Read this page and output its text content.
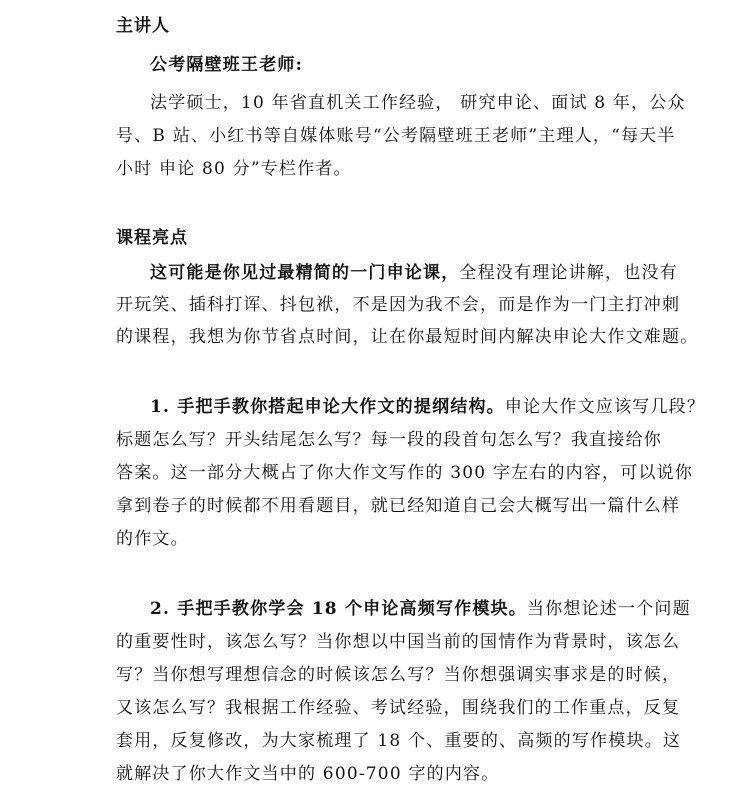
主讲人
公考隔壁班王老师:
法学硕士，10 年省直机关工作经验， 研究申论、面试 8 年，公众
号、B 站、小红书等自媒体账号“公考隔壁班王老师”主理人，“每天半
小时 申论 80 分”专栏作者。
课程亮点
这可能是你见过最精简的一门申论课，全程没有理论讲解，也没有
开玩笑、插科打诨、抖包袱，不是因为我不会，而是作为一门主打冲刺
的课程，我想为你节省点时间，让在你最短时间内解决申论大作文难题。
1. 手把手教你搭起申论大作文的提纲结构。申论大作文应该写几段？
标题怎么写？开头结尾怎么写？每一段的段首句怎么写？我直接给你
答案。这一部分大概占了你大作文写作的 300 字左右的内容，可以说你
拿到卷子的时候都不用看题目，就已经知道自己会大概写出一篇什么样
的作文。
2. 手把手教你学会 18 个申论高频写作模块。当你想论述一个问题
的重要性时，该怎么写？当你想以中国当前的国情作为背景时，该怎么
写？当你想写理想信念的时候该怎么写？当你想强调实事求是的时候，
又该怎么写？我根据工作经验、考试经验，围绕我们的工作重点，反复
套用，反复修改，为大家梳理了 18 个、重要的、高频的写作模块。这
就解决了你大作文当中的 600-700 字的内容。
